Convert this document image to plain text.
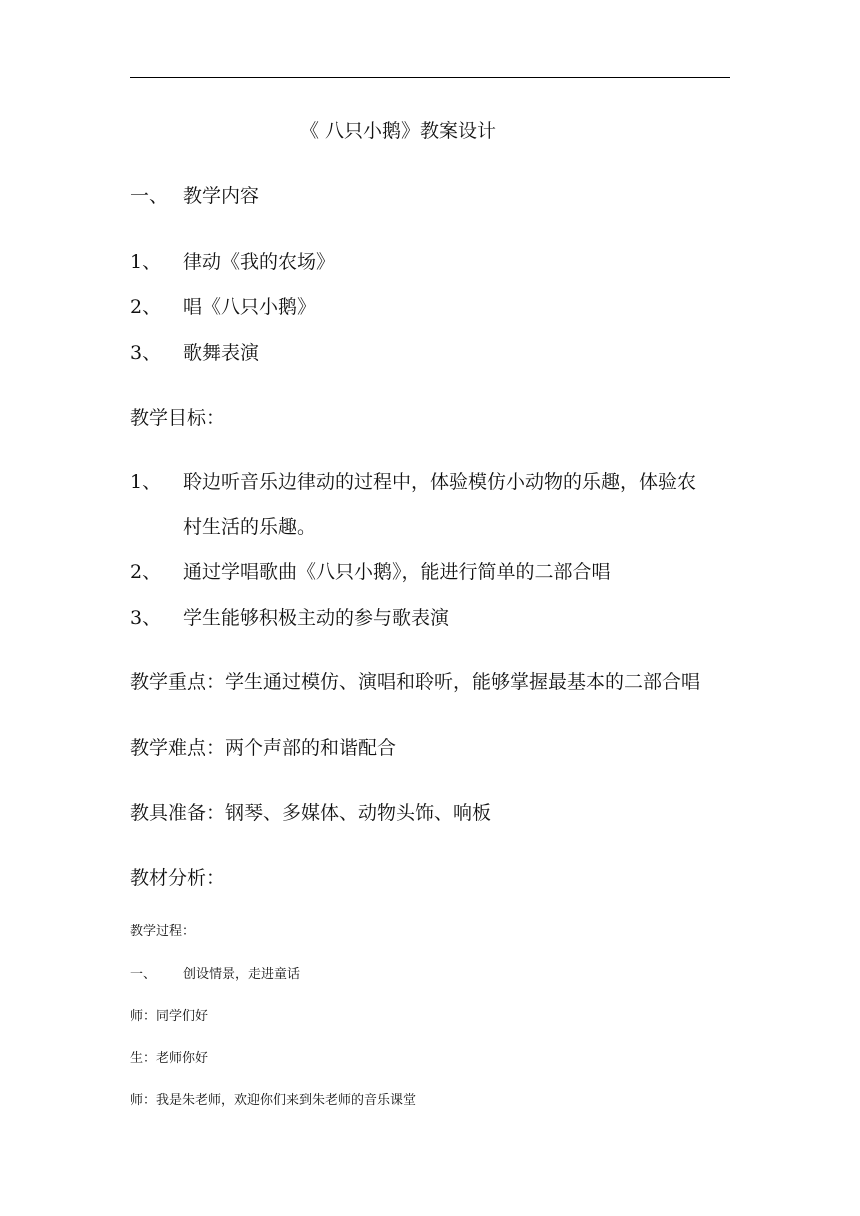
《 八只小鹅》教案设计
一、 教学内容
1、 律动《我的农场》
2、 唱《八只小鹅》
3、 歌舞表演
教学目标：
1、 聆边听音乐边律动的过程中，体验模仿小动物的乐趣，体验农
村生活的乐趣。
2、 通过学唱歌曲《八只小鹅》，能进行简单的二部合唱
3、 学生能够积极主动的参与歌表演
教学重点：学生通过模仿、演唱和聆听，能够掌握最基本的二部合唱
教学难点：两个声部的和谐配合
教具准备：钢琴、多媒体、动物头饰、响板
教材分析：
教学过程：
一、 创设情景，走进童话
师：同学们好
生：老师你好
师：我是朱老师，欢迎你们来到朱老师的音乐课堂
